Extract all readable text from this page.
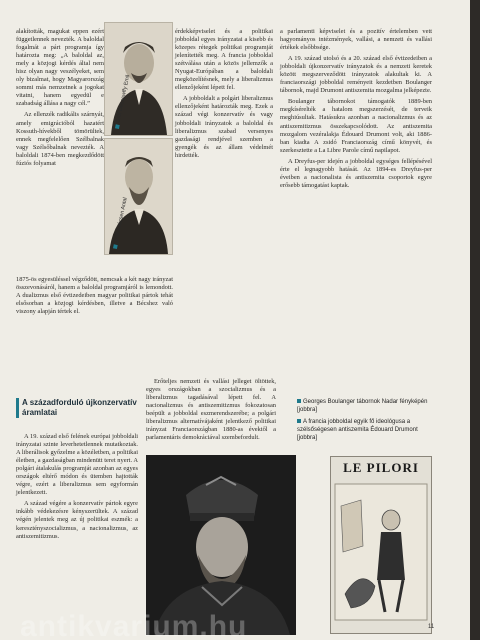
alakították, magukat eppen ezért függetlennek nevezték. A baloldal fogalmát a párt programja így határozta meg: „A baloldal az, mely a közjogi kérdés által nem hisz olyan nagy veszélyeket, sem oly bizalmat, hogy Magyarország sommi más nemzetnek a jogokat vitatni, hanem egyedül e szabadság állása a nagy cél.”

Az ellenzék radikális szárnyát, amely emigrációból hazatért Kossuth-hívekből tömörültek, ennek megfelelően Szélbalnak vagy Szélsőbalnak nevezték. A baloldali 1874-ben megkezdődött fúziós folyamat

Gróf Dessewffy Emil
Gróf Szécsen Antal

1875-ös egyesüléssel végződött, nemcsak a két nagy irányzat összevonásáról, hanem a baloldal programjáról is lemondott. A dualizmus első évtizedeiben magyar politikai pártok tehát elsősorban a közjogi kérdésben, illetve a Bécshez való viszony alapján tértek el.

A századforduló újkonzervatív áramlatai

A 19. század első felének európai jobboldali irányzatai szinte leverhetetlennek mutatkoztak. A liberálisok győzelme a közéletben, a politikai életben, a gazdaságban mindenütt teret nyert. A polgári átalakulás programját azonban az egyes országok eltérő módon és ütemben hajtották végre, ezért a liberalizmus sem egyformán jelentkezett.

A század végére a konzervatív pártok egyre inkább védekezésre kényszerültek. A század végén jelentek meg az új politikai eszmék: a keresztényszocializmus, a nacionalizmus, az antiszemitizmus.

érdekképviselet és a politikai jobboldal egyes irányzatai a kisebb és közepes rétegek politikai programját jelenítették meg. A francia jobboldal szétválása után a közös jellemzők a Nyugat-Európában a baloldali megközelítésnek, mely a liberalizmus ellenzőjeként lépett fel.

A jobboldalt a polgári liberalizmus ellenzőjeként határozták meg. Ezek a század végi konzervatív és vagy jobboldali irányzatok a baloldal és liberalizmus szabad versenyes gazdasági rendjével szemben a gyengék és az állam védelmét hirdették.

Erőteljes nemzeti és vallási jelleget öltöttek, egyes országokban a szocializmus és a liberalizmus tagadásával lépett fel. A nacionalizmus és antiszemitizmus fokozatosan beépült a jobboldal eszmerendszerébe; a polgári liberalizmus alternatívájaként jelentkező politikai irányzat Franciaországban 1880-as évektől a parlamentáris demokráciával szembefordult.

a parlamenti képviselet és a pozitív értelemben vett hagyományos intézmények, vallási, a nemzeti és vallási értékek elsőbbsége.

A 19. század utolsó és a 20. század első évtizedeiben a jobboldali újkonzervatív irányzatok és a nemzeti keretek között megszerveződött irányzatok alakultak ki. A franciaországi jobboldal reményeit kezdetben Boulanger tábornok, majd Drumont antiszemita mozgalma jelképezte.

Boulanger tábornokot támogatók 1889-ben megkísérelték a hatalom megszerzését, de terveik meghiúsultak. Hatásukra azonban a nacionalizmus és az antiszemitizmus összekapcsolódott. Az antiszemita mozgalom vezéralakja Édouard Drumont volt, aki 1886-ban kiadta A zsidó Franciaország című könyvét, és szerkesztette a La Libre Parole című napilapot.

A Dreyfus-per idején a jobboldal egységes fellépésével érte el legnagyobb hatását. Az 1894-es Dreyfus-per éveiben a nacionalista és antiszemita csoportok egyre erősebb támogatást kaptak.

Georges Boulanger tábornok Nadar fényképén [jobbra]
A francia jobboldal egyik fő ideológusa a szélsőségesen antiszemita Édouard Drumont [jobbra]
LE PILORI
11
antikvarium.hu
